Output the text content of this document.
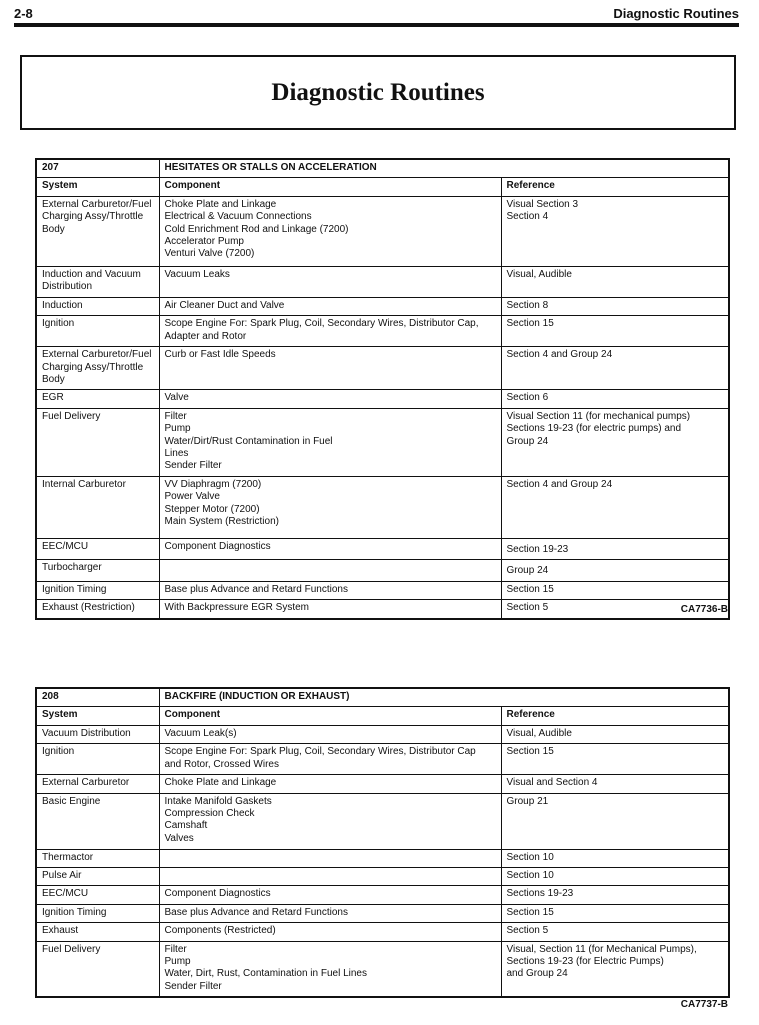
2-8	Diagnostic Routines
Diagnostic Routines
207	HESITATES OR STALLS ON ACCELERATION	
System	Component	Reference

External Carburetor/Fuel
Charging Assy/Throttle
Body	Choke Plate and Linkage
Electrical & Vacuum Connections
Cold Enrichment Rod and Linkage (7200)
Accelerator Pump
Venturi Valve (7200)	Visual Section 3
Section 4

Induction and Vacuum
Distribution	Vacuum Leaks	Visual, Audible

Induction	Air Cleaner Duct and Valve	Section 8

Ignition	Scope Engine For: Spark Plug, Coil, Secondary Wires, Distributor Cap,
Adapter and Rotor	Section 15

External Carburetor/Fuel
Charging Assy/Throttle
Body	Curb or Fast Idle Speeds	Section 4 and Group 24

EGR	Valve	Section 6

Fuel Delivery	Filter
Pump
Water/Dirt/Rust Contamination in Fuel
Lines
Sender Filter	Visual Section 11 (for mechanical pumps)
Sections 19-23 (for electric pumps) and
Group 24

Internal Carburetor	VV Diaphragm (7200)
Power Valve
Stepper Motor (7200)
Main System (Restriction)	Section 4 and Group 24

EEC/MCU	Component Diagnostics	Section 19-23

Turbocharger		Group 24

Ignition Timing	Base plus Advance and Retard Functions	Section 15

Exhaust (Restriction)	With Backpressure EGR System	Section 5	CA7736-B
208	BACKFIRE (INDUCTION OR EXHAUST)	
System	Component	Reference

Vacuum Distribution	Vacuum Leak(s)	Visual, Audible

Ignition	Scope Engine For: Spark Plug, Coil, Secondary Wires, Distributor Cap
and Rotor, Crossed Wires	Section 15

External Carburetor	Choke Plate and Linkage	Visual and Section 4

Basic Engine	Intake Manifold Gaskets
Compression Check
Camshaft
Valves	Group 21

Thermactor		Section 10

Pulse Air		Section 10

EEC/MCU	Component Diagnostics	Sections 19-23

Ignition Timing	Base plus Advance and Retard Functions	Section 15

Exhaust	Components (Restricted)	Section 5

Fuel Delivery	Filter
Pump
Water, Dirt, Rust, Contamination in Fuel Lines
Sender Filter	Visual, Section 11 (for Mechanical Pumps),
Sections 19-23 (for Electric Pumps)
and Group 24
CA7737-B
